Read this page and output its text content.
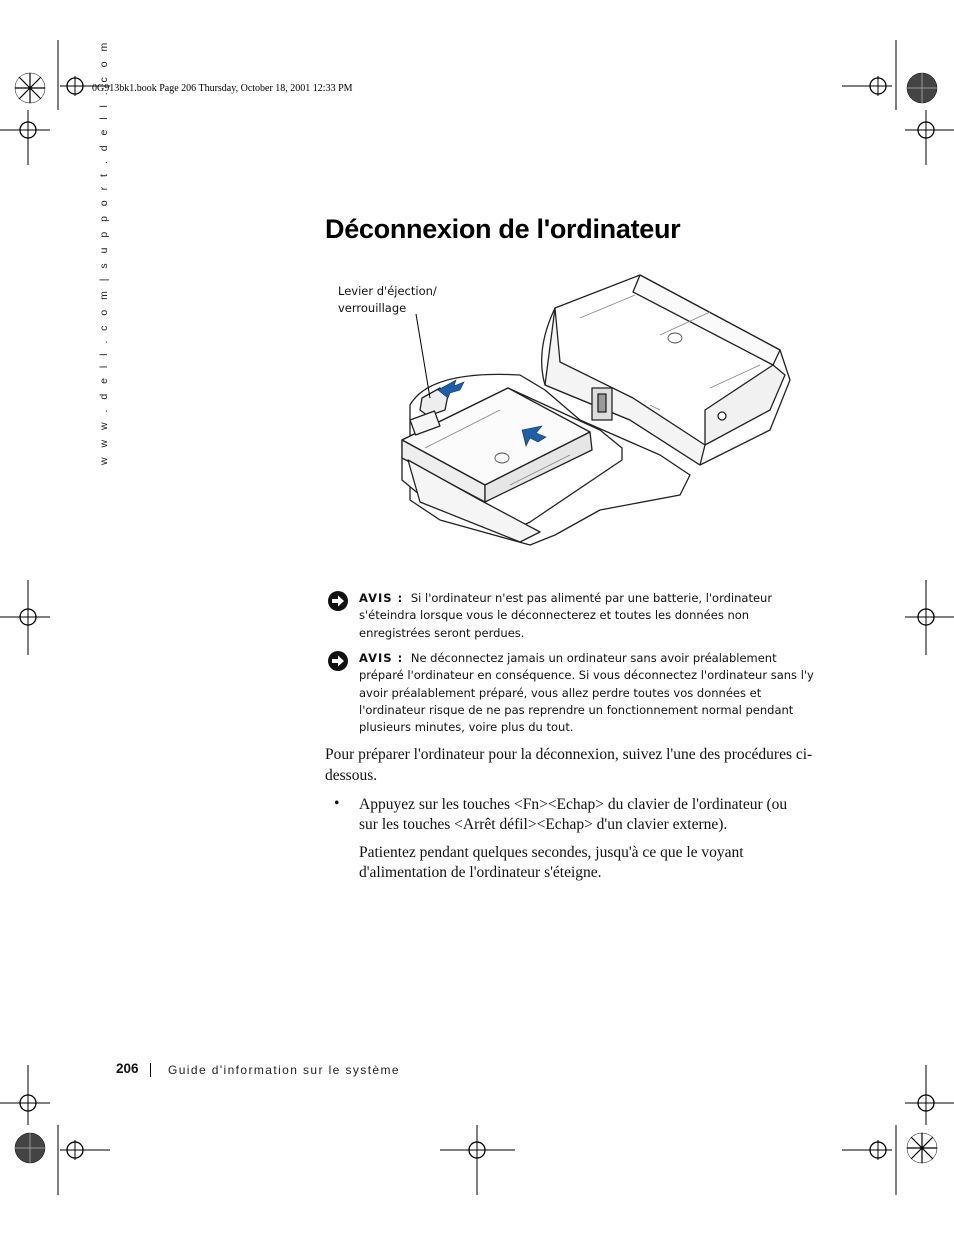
0G913bk1.book Page 206 Thursday, October 18, 2001 12:33 PM
w w w . d e l l . c o m | s u p p o r t . d e l l . c o m	Déconnexion de l'ordinateur
Levier d'éjection/
verrouillage
AVIS : Si l'ordinateur n'est pas alimenté par une batterie, l'ordinateur s'éteindra lorsque vous le déconnecterez et toutes les données non enregistrées seront perdues.
AVIS : Ne déconnectez jamais un ordinateur sans avoir préalablement préparé l'ordinateur en conséquence. Si vous déconnectez l'ordinateur sans l'y avoir préalablement préparé, vous allez perdre toutes vos données et l'ordinateur risque de ne pas reprendre un fonctionnement normal pendant plusieurs minutes, voire plus du tout.
Pour préparer l'ordinateur pour la déconnexion, suivez l'une des procédures ci-dessous.
• Appuyez sur les touches <Fn><Echap> du clavier de l'ordinateur (ou sur les touches <Arrêt défil><Echap> d'un clavier externe).
Patientez pendant quelques secondes, jusqu'à ce que le voyant d'alimentation de l'ordinateur s'éteigne.
206 Guide d'information sur le système
